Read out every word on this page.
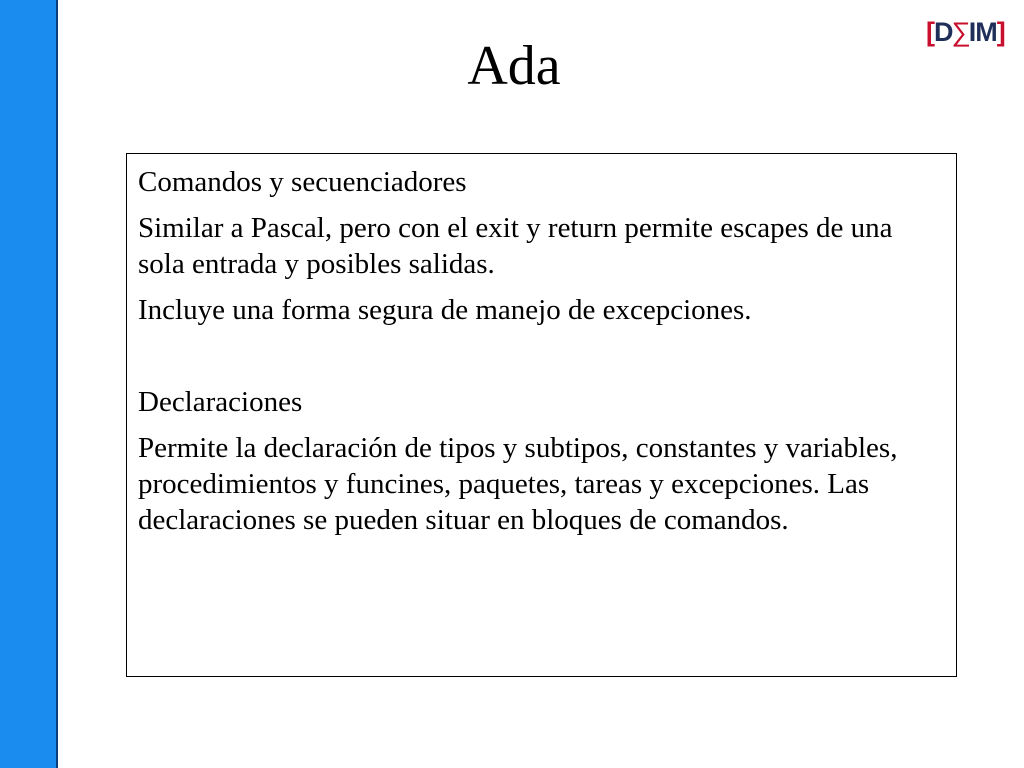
Ada
[ D ∑ IM ]

Comandos y secuenciadores

Similar a Pascal, pero con el exit y return permite escapes de una sola entrada y posibles salidas.

Incluye una forma segura de manejo de excepciones.

Declaraciones

Permite la declaración de tipos y subtipos, constantes y variables, procedimientos y funcines, paquetes, tareas y excepciones. Las declaraciones se pueden situar en bloques de comandos.
